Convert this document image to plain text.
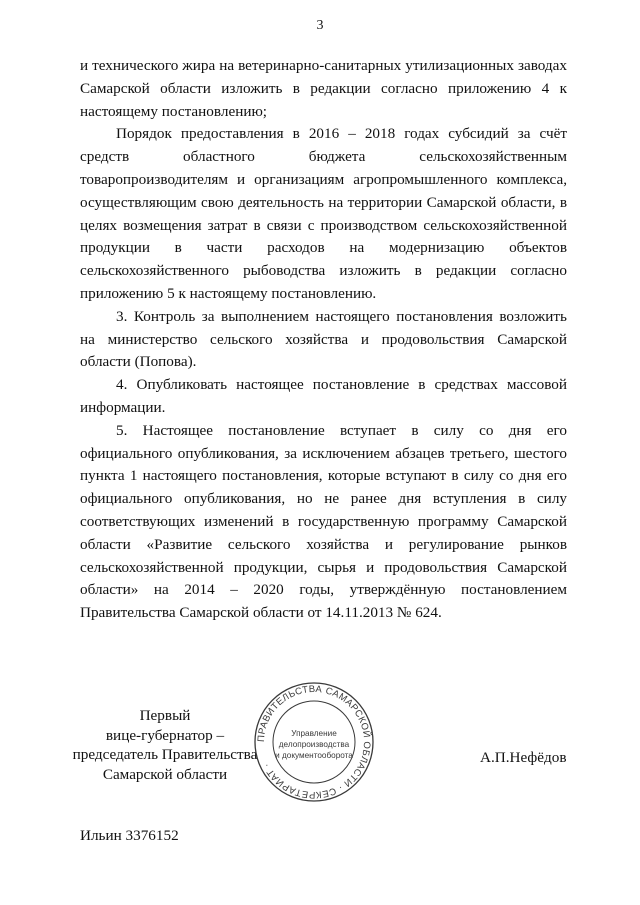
3

и технического жира на ветеринарно-санитарных утилизационных заводах Самарской области изложить в редакции согласно приложению 4 к настоящему постановлению;

Порядок предоставления в 2016 – 2018 годах субсидий за счёт средств областного бюджета сельскохозяйственным товаропроизводителям и организациям агропромышленного комплекса, осуществляющим свою деятельность на территории Самарской области, в целях возмещения затрат в связи с производством сельскохозяйственной продукции в части расходов на модернизацию объектов сельскохозяйственного рыбоводства изложить в редакции согласно приложению 5 к настоящему постановлению.

3. Контроль за выполнением настоящего постановления возложить на министерство сельского хозяйства и продовольствия Самарской области (Попова).

4. Опубликовать настоящее постановление в средствах массовой информации.

5. Настоящее постановление вступает в силу со дня его официального опубликования, за исключением абзацев третьего, шестого пункта 1 настоящего постановления, которые вступают в силу со дня его официального опубликования, но не ранее дня вступления в силу соответствующих изменений в государственную программу Самарской области «Развитие сельского хозяйства и регулирование рынков сельскохозяйственной продукции, сырья и продовольствия Самарской области» на 2014 – 2020 годы, утверждённую постановлением Правительства Самарской области от 14.11.2013 № 624.

Первый
вице-губернатор –
председатель Правительства
Самарской области
ПРАВИТЕЛЬСТВА САМАРСКОЙ ОБЛАСТИ · СЕКРЕТАРИАТ ·
Управление
делопроизводства
и документооборота	А.П.Нефёдов
Ильин 3376152
